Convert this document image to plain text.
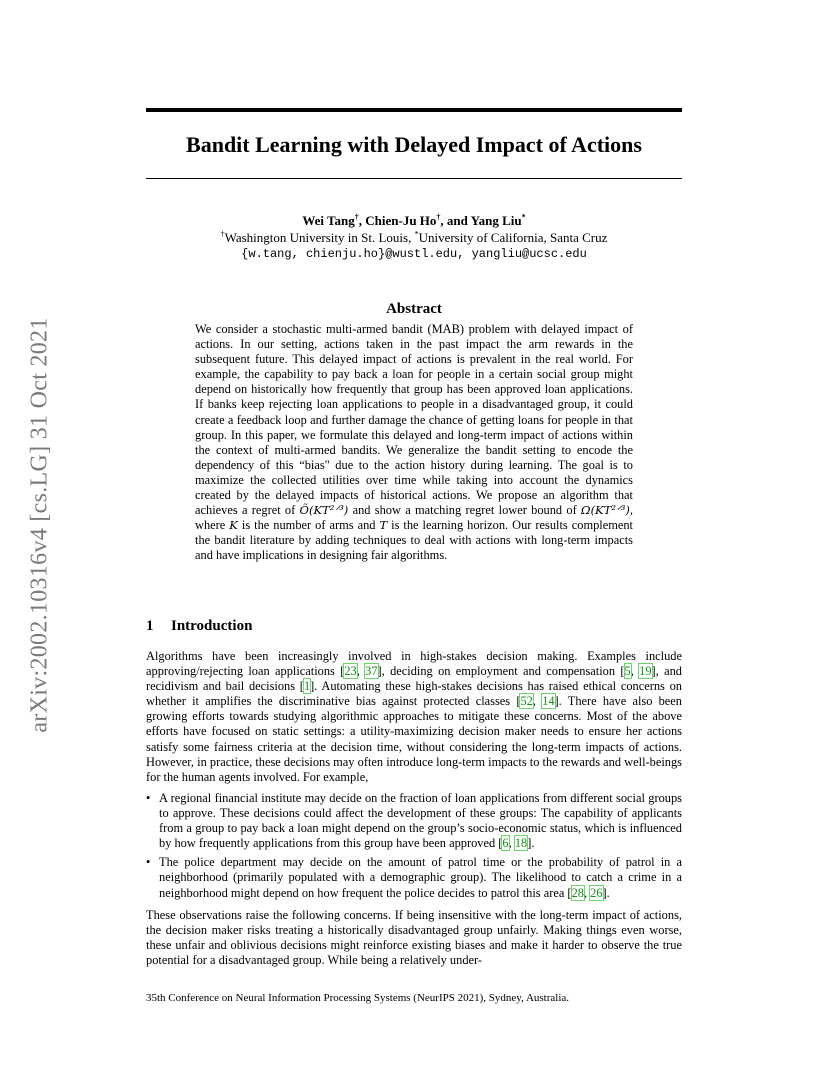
arXiv:2002.10316v4 [cs.LG] 31 Oct 2021
Bandit Learning with Delayed Impact of Actions
Wei Tang†, Chien-Ju Ho†, and Yang Liu*
†Washington University in St. Louis, *University of California, Santa Cruz
{w.tang, chienju.ho}@wustl.edu, yangliu@ucsc.edu
Abstract
We consider a stochastic multi-armed bandit (MAB) problem with delayed impact of actions. In our setting, actions taken in the past impact the arm rewards in the subsequent future. This delayed impact of actions is prevalent in the real world. For example, the capability to pay back a loan for people in a certain social group might depend on historically how frequently that group has been approved loan applications. If banks keep rejecting loan applications to people in a disadvantaged group, it could create a feedback loop and further damage the chance of getting loans for people in that group. In this paper, we formulate this delayed and long-term impact of actions within the context of multi-armed bandits. We generalize the bandit setting to encode the dependency of this “bias" due to the action history during learning. The goal is to maximize the collected utilities over time while taking into account the dynamics created by the delayed impacts of historical actions. We propose an algorithm that achieves a regret of Õ(KT²ᐟ³) and show a matching regret lower bound of Ω(KT²ᐟ³), where K is the number of arms and T is the learning horizon. Our results complement the bandit literature by adding techniques to deal with actions with long-term impacts and have implications in designing fair algorithms.
1 Introduction

Algorithms have been increasingly involved in high-stakes decision making. Examples include approving/rejecting loan applications [23, 37], deciding on employment and compensation [5, 19], and recidivism and bail decisions [1]. Automating these high-stakes decisions has raised ethical concerns on whether it amplifies the discriminative bias against protected classes [52, 14]. There have also been growing efforts towards studying algorithmic approaches to mitigate these concerns. Most of the above efforts have focused on static settings: a utility-maximizing decision maker needs to ensure her actions satisfy some fairness criteria at the decision time, without considering the long-term impacts of actions. However, in practice, these decisions may often introduce long-term impacts to the rewards and well-beings for the human agents involved. For example,

• A regional financial institute may decide on the fraction of loan applications from different social groups to approve. These decisions could affect the development of these groups: The capability of applicants from a group to pay back a loan might depend on the group’s socio-economic status, which is influenced by how frequently applications from this group have been approved [6, 18].
• The police department may decide on the amount of patrol time or the probability of patrol in a neighborhood (primarily populated with a demographic group). The likelihood to catch a crime in a neighborhood might depend on how frequent the police decides to patrol this area [28, 26].

These observations raise the following concerns. If being insensitive with the long-term impact of actions, the decision maker risks treating a historically disadvantaged group unfairly. Making things even worse, these unfair and oblivious decisions might reinforce existing biases and make it harder to observe the true potential for a disadvantaged group. While being a relatively under-

35th Conference on Neural Information Processing Systems (NeurIPS 2021), Sydney, Australia.
